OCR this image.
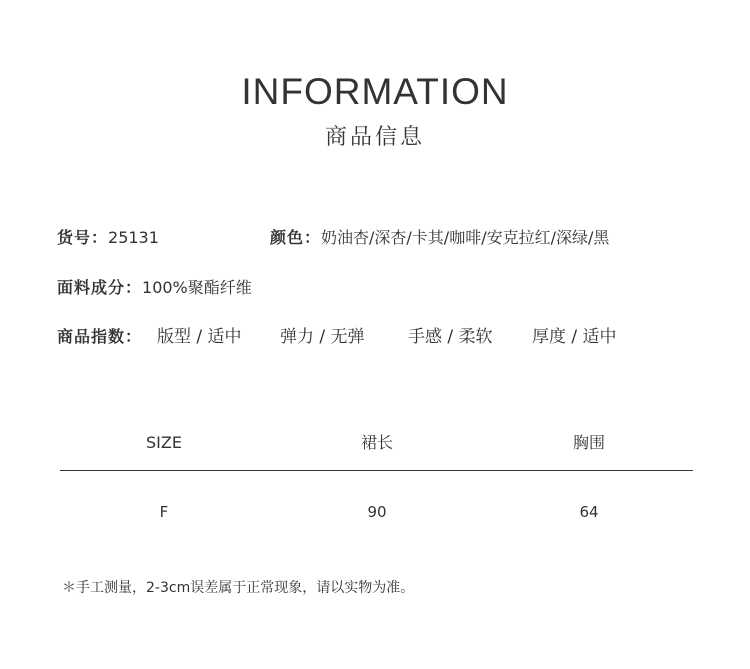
INFORMATION
商品信息
货号：25131	颜色：奶油杏/深杏/卡其/咖啡/安克拉红/深绿/黑
面料成分：100%聚酯纤维
商品指数： 版型 / 适中 弹力 / 无弹	手感 / 柔软 厚度 / 适中
SIZE	裙长	胸围
F	90	64
＊手工测量，2-3cm误差属于正常现象，请以实物为准。
